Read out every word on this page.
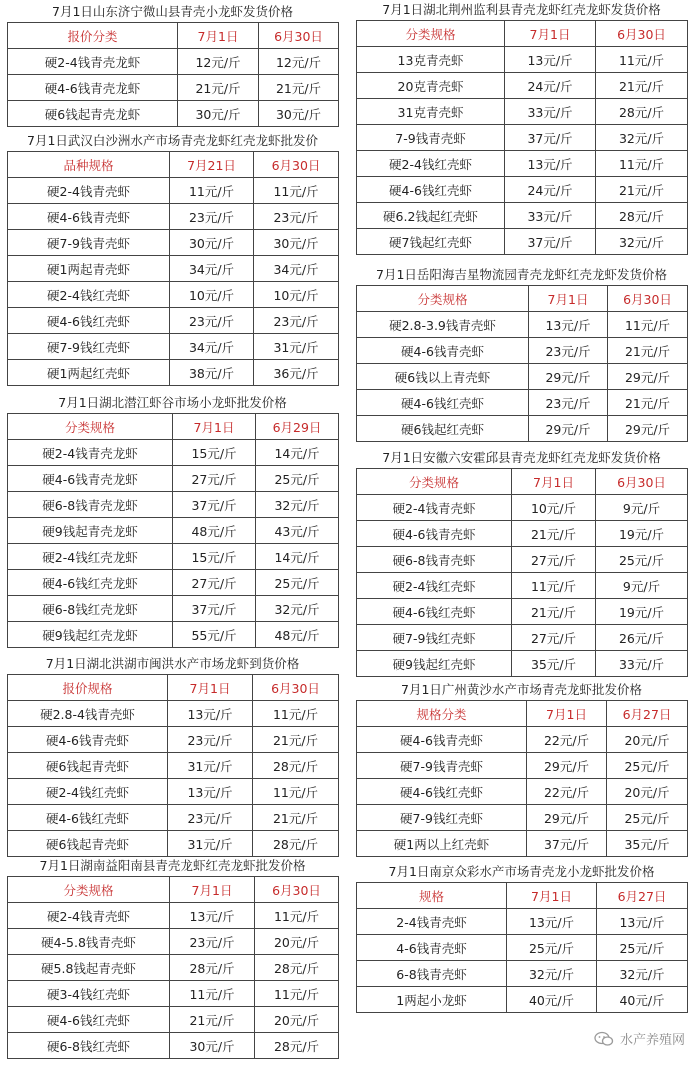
7月1日山东济宁微山县青壳小龙虾发货价格
报价分类	7月1日	6月30日
硬2-4钱青壳龙虾	12元/斤	12元/斤
硬4-6钱青壳龙虾	21元/斤	21元/斤
硬6钱起青壳龙虾	30元/斤	30元/斤
7月1日武汉白沙洲水产市场青壳龙虾红壳龙虾批发价
品种规格	7月21日	6月30日
硬2-4钱青壳虾	11元/斤	11元/斤
硬4-6钱青壳虾	23元/斤	23元/斤
硬7-9钱青壳虾	30元/斤	30元/斤
硬1两起青壳虾	34元/斤	34元/斤
硬2-4钱红壳虾	10元/斤	10元/斤
硬4-6钱红壳虾	23元/斤	23元/斤
硬7-9钱红壳虾	34元/斤	31元/斤
硬1两起红壳虾	38元/斤	36元/斤
7月1日湖北潜江虾谷市场小龙虾批发价格
分类规格	7月1日	6月29日
硬2-4钱青壳龙虾	15元/斤	14元/斤
硬4-6钱青壳龙虾	27元/斤	25元/斤
硬6-8钱青壳龙虾	37元/斤	32元/斤
硬9钱起青壳龙虾	48元/斤	43元/斤
硬2-4钱红壳龙虾	15元/斤	14元/斤
硬4-6钱红壳龙虾	27元/斤	25元/斤
硬6-8钱红壳龙虾	37元/斤	32元/斤
硬9钱起红壳龙虾	55元/斤	48元/斤
7月1日湖北洪湖市闽洪水产市场龙虾到货价格
报价规格	7月1日	6月30日
硬2.8-4钱青壳虾	13元/斤	11元/斤
硬4-6钱青壳虾	23元/斤	21元/斤
硬6钱起青壳虾	31元/斤	28元/斤
硬2-4钱红壳虾	13元/斤	11元/斤
硬4-6钱红壳虾	23元/斤	21元/斤
硬6钱起青壳虾	31元/斤	28元/斤
7月1日湖南益阳南县青壳龙虾红壳龙虾批发价格
分类规格	7月1日	6月30日
硬2-4钱青壳虾	13元/斤	11元/斤
硬4-5.8钱青壳虾	23元/斤	20元/斤
硬5.8钱起青壳虾	28元/斤	28元/斤
硬3-4钱红壳虾	11元/斤	11元/斤
硬4-6钱红壳虾	21元/斤	20元/斤
硬6-8钱红壳虾	30元/斤	28元/斤
7月1日湖北荆州监利县青壳龙虾红壳龙虾发货价格
分类规格	7月1日	6月30日
13克青壳虾	13元/斤	11元/斤
20克青壳虾	24元/斤	21元/斤
31克青壳虾	33元/斤	28元/斤
7-9钱青壳虾	37元/斤	32元/斤
硬2-4钱红壳虾	13元/斤	11元/斤
硬4-6钱红壳虾	24元/斤	21元/斤
硬6.2钱起红壳虾	33元/斤	28元/斤
硬7钱起红壳虾	37元/斤	32元/斤
7月1日岳阳海吉星物流园青壳龙虾红壳龙虾发货价格
分类规格	7月1日	6月30日
硬2.8-3.9钱青壳虾	13元/斤	11元/斤
硬4-6钱青壳虾	23元/斤	21元/斤
硬6钱以上青壳虾	29元/斤	29元/斤
硬4-6钱红壳虾	23元/斤	21元/斤
硬6钱起红壳虾	29元/斤	29元/斤
7月1日安徽六安霍邱县青壳龙虾红壳龙虾发货价格
分类规格	7月1日	6月30日
硬2-4钱青壳虾	10元/斤	9元/斤
硬4-6钱青壳虾	21元/斤	19元/斤
硬6-8钱青壳虾	27元/斤	25元/斤
硬2-4钱红壳虾	11元/斤	9元/斤
硬4-6钱红壳虾	21元/斤	19元/斤
硬7-9钱红壳虾	27元/斤	26元/斤
硬9钱起红壳虾	35元/斤	33元/斤
7月1日广州黄沙水产市场青壳龙虾批发价格
规格分类	7月1日	6月27日
硬4-6钱青壳虾	22元/斤	20元/斤
硬7-9钱青壳虾	29元/斤	25元/斤
硬4-6钱红壳虾	22元/斤	20元/斤
硬7-9钱红壳虾	29元/斤	25元/斤
硬1两以上红壳虾	37元/斤	35元/斤
7月1日南京众彩水产市场青壳龙小龙虾批发价格
规格	7月1日	6月27日
2-4钱青壳虾	13元/斤	13元/斤
4-6钱青壳虾	25元/斤	25元/斤
6-8钱青壳虾	32元/斤	32元/斤
1两起小龙虾	40元/斤	40元/斤
水产养殖网
